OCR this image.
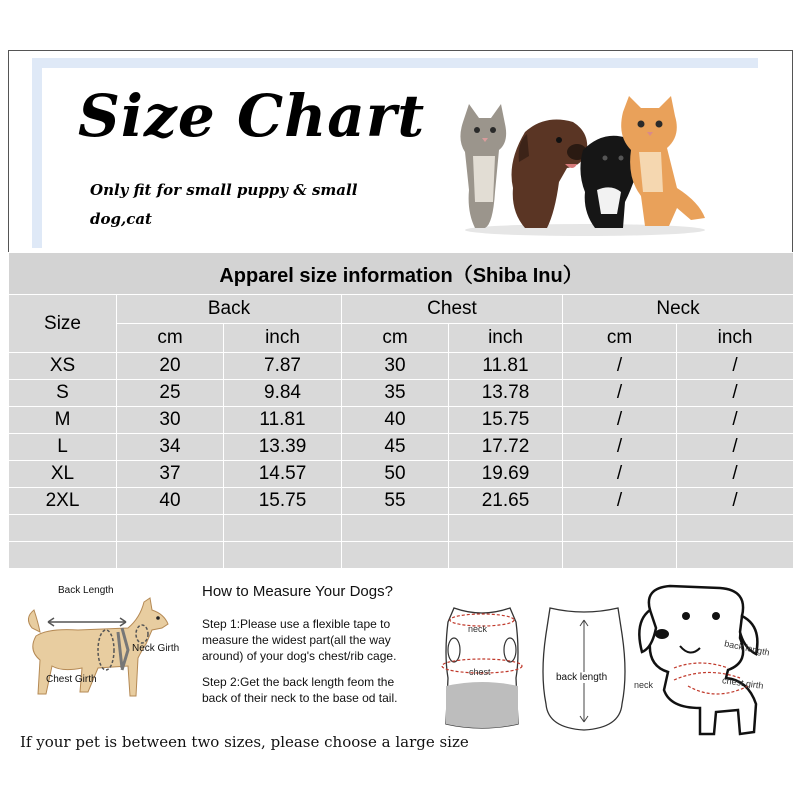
Size Chart
Only fit for small puppy & small dog,cat
Apparel size information（Shiba Inu）						
Size	Back		Chest		Neck	
	cm	inch	cm	inch	cm	inch
XS	20	7.87	30	11.81	/	/
S	25	9.84	35	13.78	/	/
M	30	11.81	40	15.75	/	/
L	34	13.39	45	17.72	/	/
XL	37	14.57	50	19.69	/	/
2XL	40	15.75	55	21.65	/	/

Back Length
Neck Girth
Chest Girth
How to Measure Your Dogs?
Step 1:Please use a flexible tape to measure the widest part(all the way around) of your dog's chest/rib cage.
Step 2:Get the back length feom the back of their neck to the base od tail.
neck
chest	back length
back length
neck	chest girth
If your pet is between two sizes, please choose a large size
